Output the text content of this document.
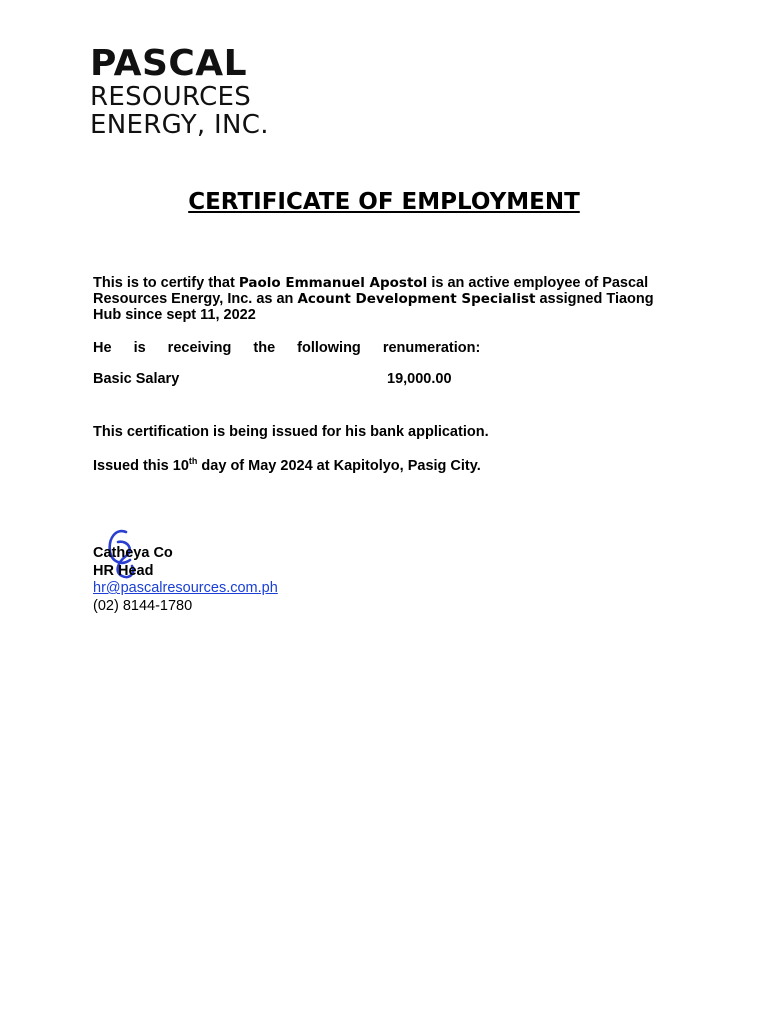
PASCAL
RESOURCES
ENERGY, INC.
CERTIFICATE OF EMPLOYMENT
This is to certify that Paolo Emmanuel Apostol is an active employee of Pascal Resources Energy, Inc. as an Acount Development Specialist assigned Tiaong Hub since sept 11, 2022
He is receiving the following renumeration:
Basic Salary	19,000.00
This certification is being issued for his bank application.
Issued this 10th day of May 2024 at Kapitolyo, Pasig City.
Catheya Co
HR Head
hr@pascalresources.com.ph
(02) 8144-1780
